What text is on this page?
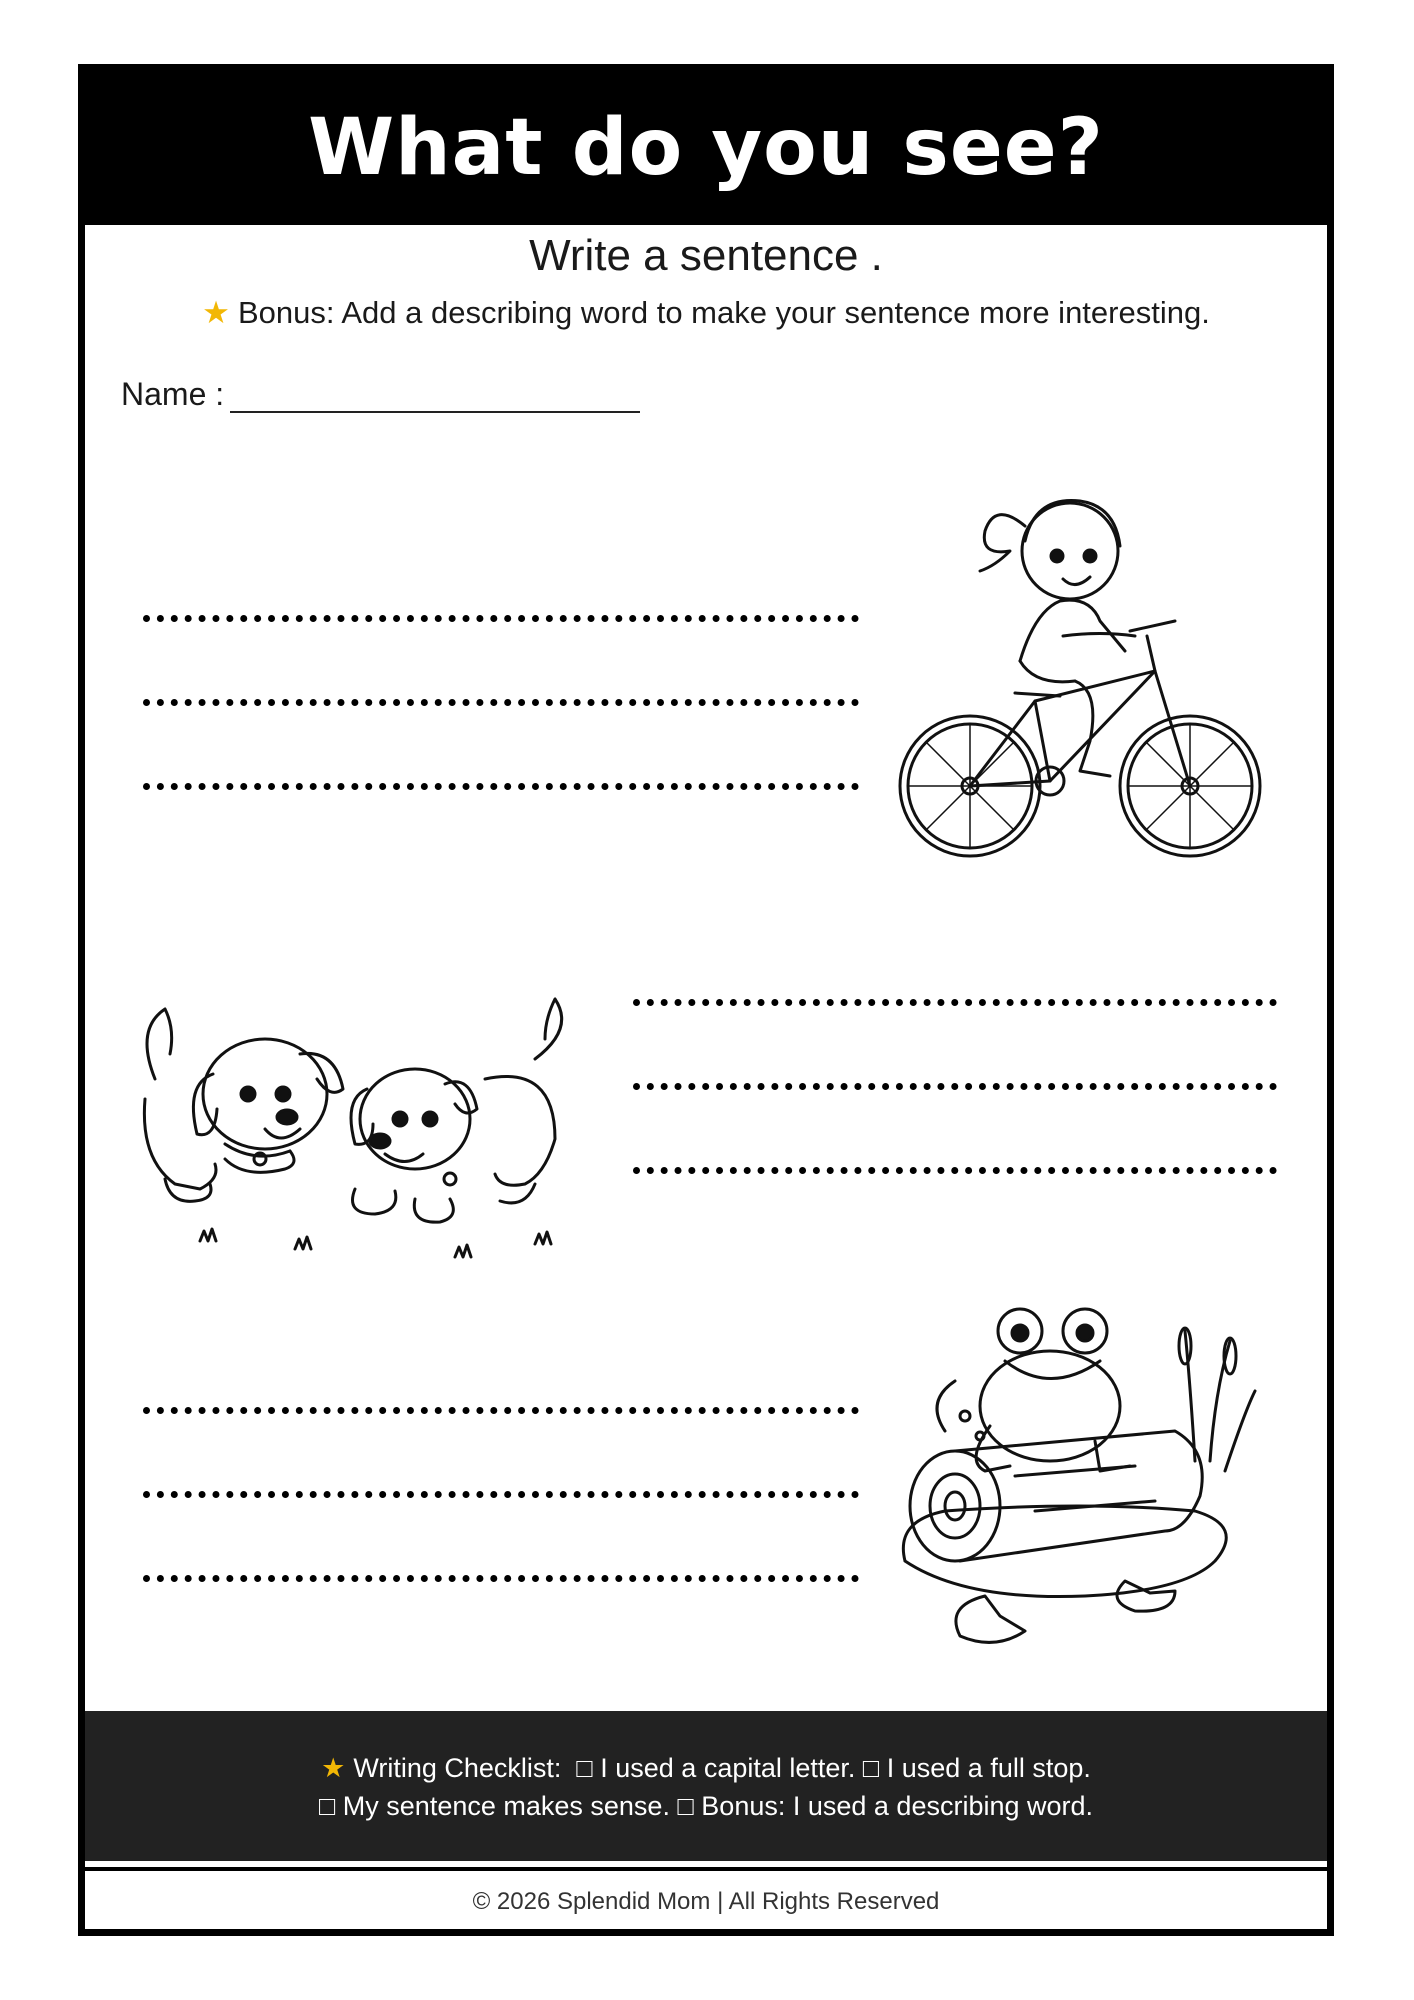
What do you see?
Write a sentence .
★ Bonus: Add a describing word to make your sentence more interesting.
Name :
★ Writing Checklist: □ I used a capital letter. □ I used a full stop.
□ My sentence makes sense. □ Bonus: I used a describing word.
© 2026 Splendid Mom | All Rights Reserved
